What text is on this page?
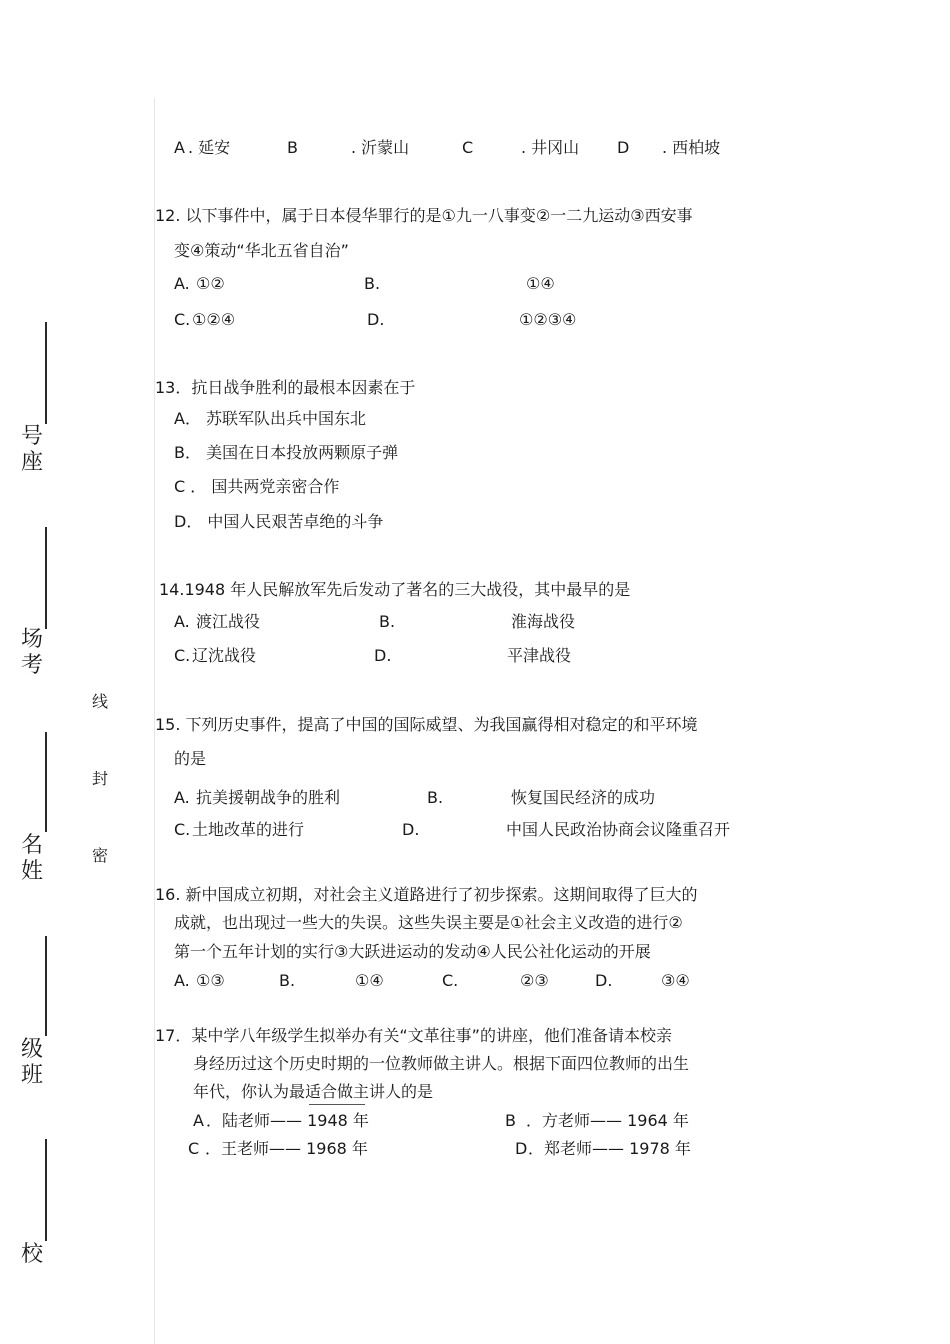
号
座
场
考
名
姓
级
班
校
线
封
密
A . 延安	B	. 沂蒙山	C	. 井冈山 D . 西柏坡
12. 以下事件中，属于日本侵华罪行的是①九一八事变②一二九运动③西安事
变④策动“华北五省自治”
A. ①②	B.	①④
C. ①②④	D.	①②③④
13．抗日战争胜利的最根本因素在于
A． 苏联军队出兵中国东北
B． 美国在日本投放两颗原子弹
C ． 国共两党亲密合作
D． 中国人民艰苦卓绝的斗争
14.1948 年人民解放军先后发动了著名的三大战役，其中最早的是
A. 渡江战役	B.	淮海战役
C. 辽沈战役	D.	平津战役
15. 下列历史事件，提高了中国的国际威望、为我国赢得相对稳定的和平环境
的是
A. 抗美援朝战争的胜利	B.	恢复国民经济的成功
C. 土地改革的进行	D.	中国人民政治协商会议隆重召开
16. 新中国成立初期，对社会主义道路进行了初步探索。这期间取得了巨大的
成就，也出现过一些大的失误。这些失误主要是①社会主义改造的进行②
第一个五年计划的实行③大跃进运动的发动④人民公社化运动的开展
A. ①③	B.	①④	C.	②③	D.	③④
17．某中学八年级学生拟举办有关“文革往事”的讲座，他们准备请本校亲
身经历过这个历史时期的一位教师做主讲人。根据下面四位教师的出生
年代，你认为最适合做主讲人的是
A ．陆老师—— 1948 年	B ．方老师—— 1964 年
C ．王老师—— 1968 年	D ．郑老师—— 1978 年
